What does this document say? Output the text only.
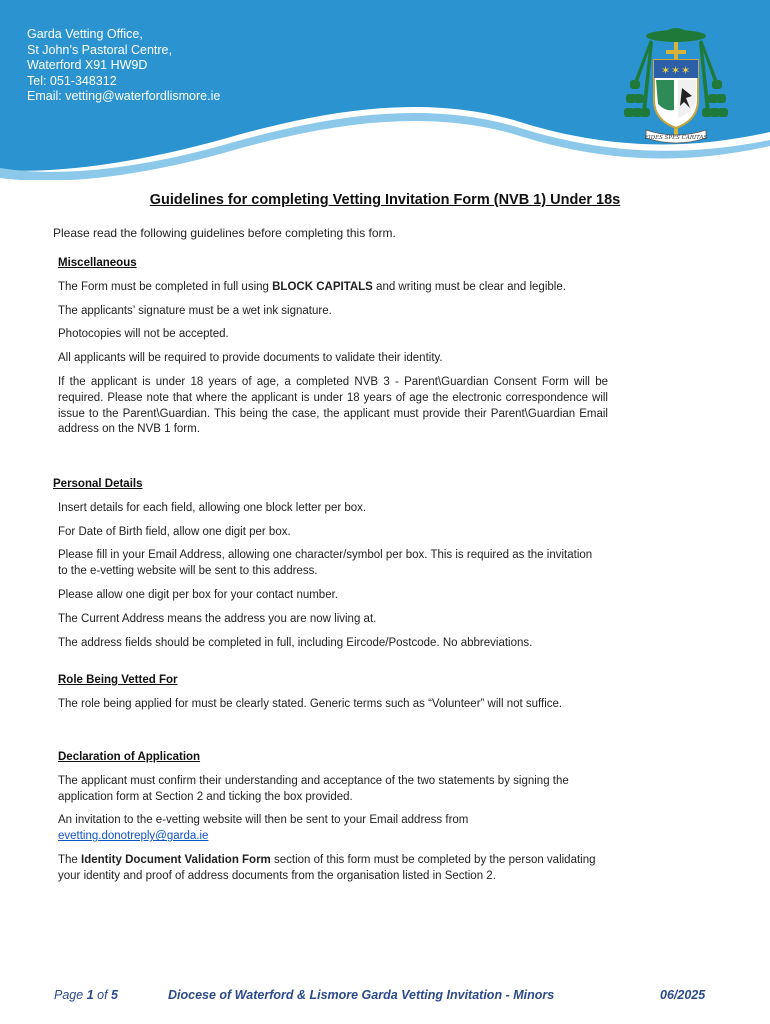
Garda Vetting Office,
St John’s Pastoral Centre,
Waterford X91 HW9D
Tel: 051-348312
Email: vetting@waterfordlismore.ie
✶ ✶ ✶
FIDES SPES CARITAS
Guidelines for completing Vetting Invitation Form (NVB 1) Under 18s
Please read the following guidelines before completing this form.
Miscellaneous

The Form must be completed in full using BLOCK CAPITALS and writing must be clear and legible.

The applicants’ signature must be a wet ink signature.

Photocopies will not be accepted.

All applicants will be required to provide documents to validate their identity.

If the applicant is under 18 years of age, a completed NVB 3 - Parent\Guardian Consent Form will be required. Please note that where the applicant is under 18 years of age the electronic correspondence will issue to the Parent\Guardian. This being the case, the applicant must provide their Parent\Guardian Email address on the NVB 1 form.

Personal Details

Insert details for each field, allowing one block letter per box.

For Date of Birth field, allow one digit per box.

Please fill in your Email Address, allowing one character/symbol per box. This is required as the invitation to the e-vetting website will be sent to this address.

Please allow one digit per box for your contact number.

The Current Address means the address you are now living at.

The address fields should be completed in full, including Eircode/Postcode. No abbreviations.

Role Being Vetted For

The role being applied for must be clearly stated. Generic terms such as “Volunteer” will not suffice.

Declaration of Application

The applicant must confirm their understanding and acceptance of the two statements by signing the application form at Section 2 and ticking the box provided.

An invitation to the e-vetting website will then be sent to your Email address from
evetting.donotreply@garda.ie

The Identity Document Validation Form section of this form must be completed by the person validating your identity and proof of address documents from the organisation listed in Section 2.

Page 1 of 5	Diocese of Waterford & Lismore Garda Vetting Invitation - Minors	06/2025
